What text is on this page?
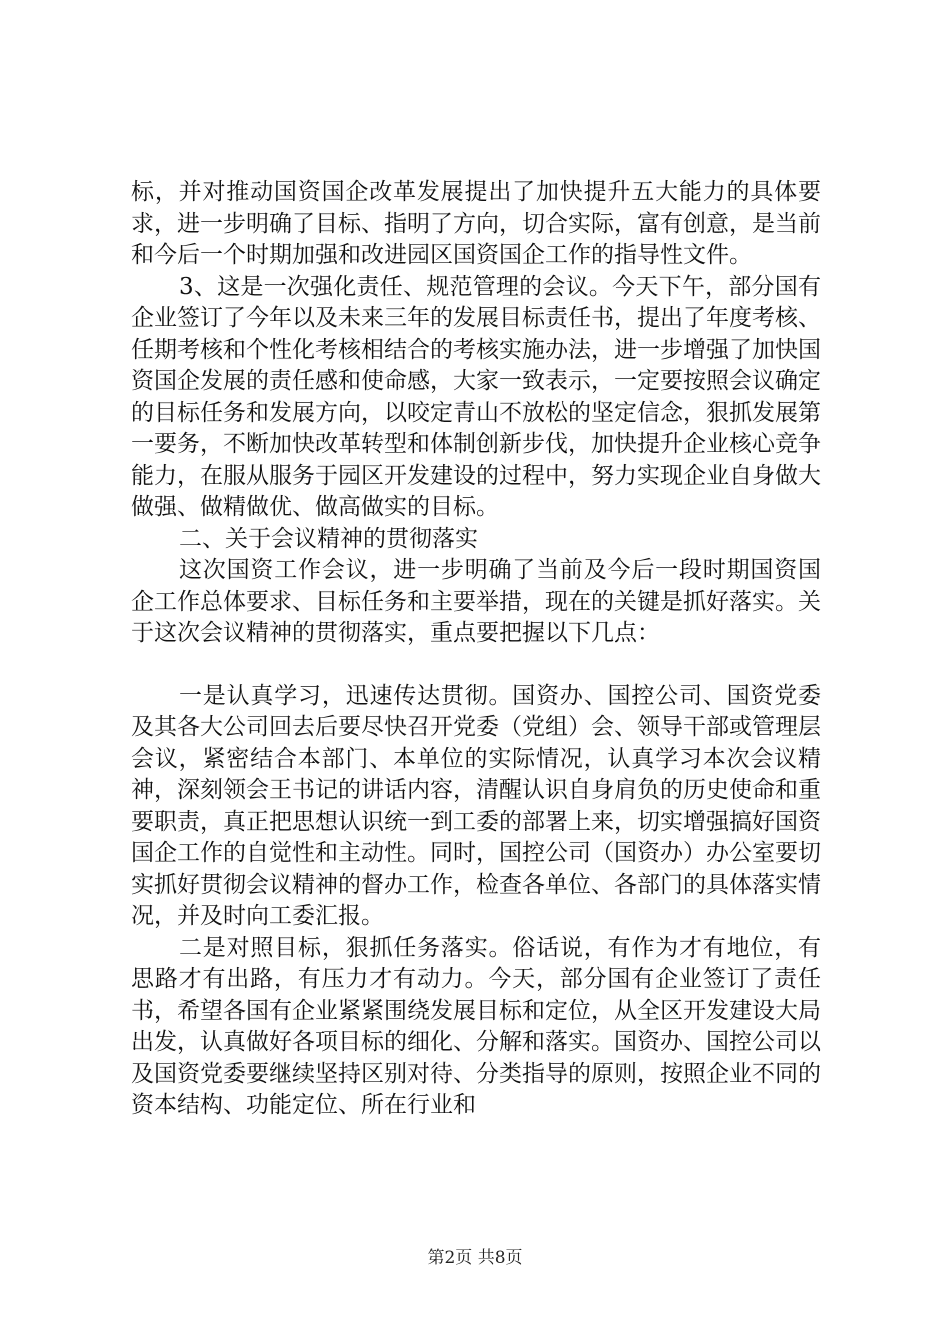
标，并对推动国资国企改革发展提出了加快提升五大能力的具体要求，进一步明确了目标、指明了方向，切合实际，富有创意，是当前和今后一个时期加强和改进园区国资国企工作的指导性文件。

3、这是一次强化责任、规范管理的会议。今天下午，部分国有企业签订了今年以及未来三年的发展目标责任书，提出了年度考核、任期考核和个性化考核相结合的考核实施办法，进一步增强了加快国资国企发展的责任感和使命感，大家一致表示，一定要按照会议确定的目标任务和发展方向，以咬定青山不放松的坚定信念，狠抓发展第一要务，不断加快改革转型和体制创新步伐，加快提升企业核心竞争能力，在服从服务于园区开发建设的过程中，努力实现企业自身做大做强、做精做优、做高做实的目标。

二、关于会议精神的贯彻落实

这次国资工作会议，进一步明确了当前及今后一段时期国资国企工作总体要求、目标任务和主要举措，现在的关键是抓好落实。关于这次会议精神的贯彻落实，重点要把握以下几点：

一是认真学习，迅速传达贯彻。国资办、国控公司、国资党委及其各大公司回去后要尽快召开党委（党组）会、领导干部或管理层会议，紧密结合本部门、本单位的实际情况，认真学习本次会议精神，深刻领会王书记的讲话内容，清醒认识自身肩负的历史使命和重要职责，真正把思想认识统一到工委的部署上来，切实增强搞好国资国企工作的自觉性和主动性。同时，国控公司（国资办）办公室要切实抓好贯彻会议精神的督办工作，检查各单位、各部门的具体落实情况，并及时向工委汇报。

二是对照目标，狠抓任务落实。俗话说，有作为才有地位，有思路才有出路，有压力才有动力。今天，部分国有企业签订了责任书，希望各国有企业紧紧围绕发展目标和定位，从全区开发建设大局出发，认真做好各项目标的细化、分解和落实。国资办、国控公司以及国资党委要继续坚持区别对待、分类指导的原则，按照企业不同的资本结构、功能定位、所在行业和

第2页 共8页
